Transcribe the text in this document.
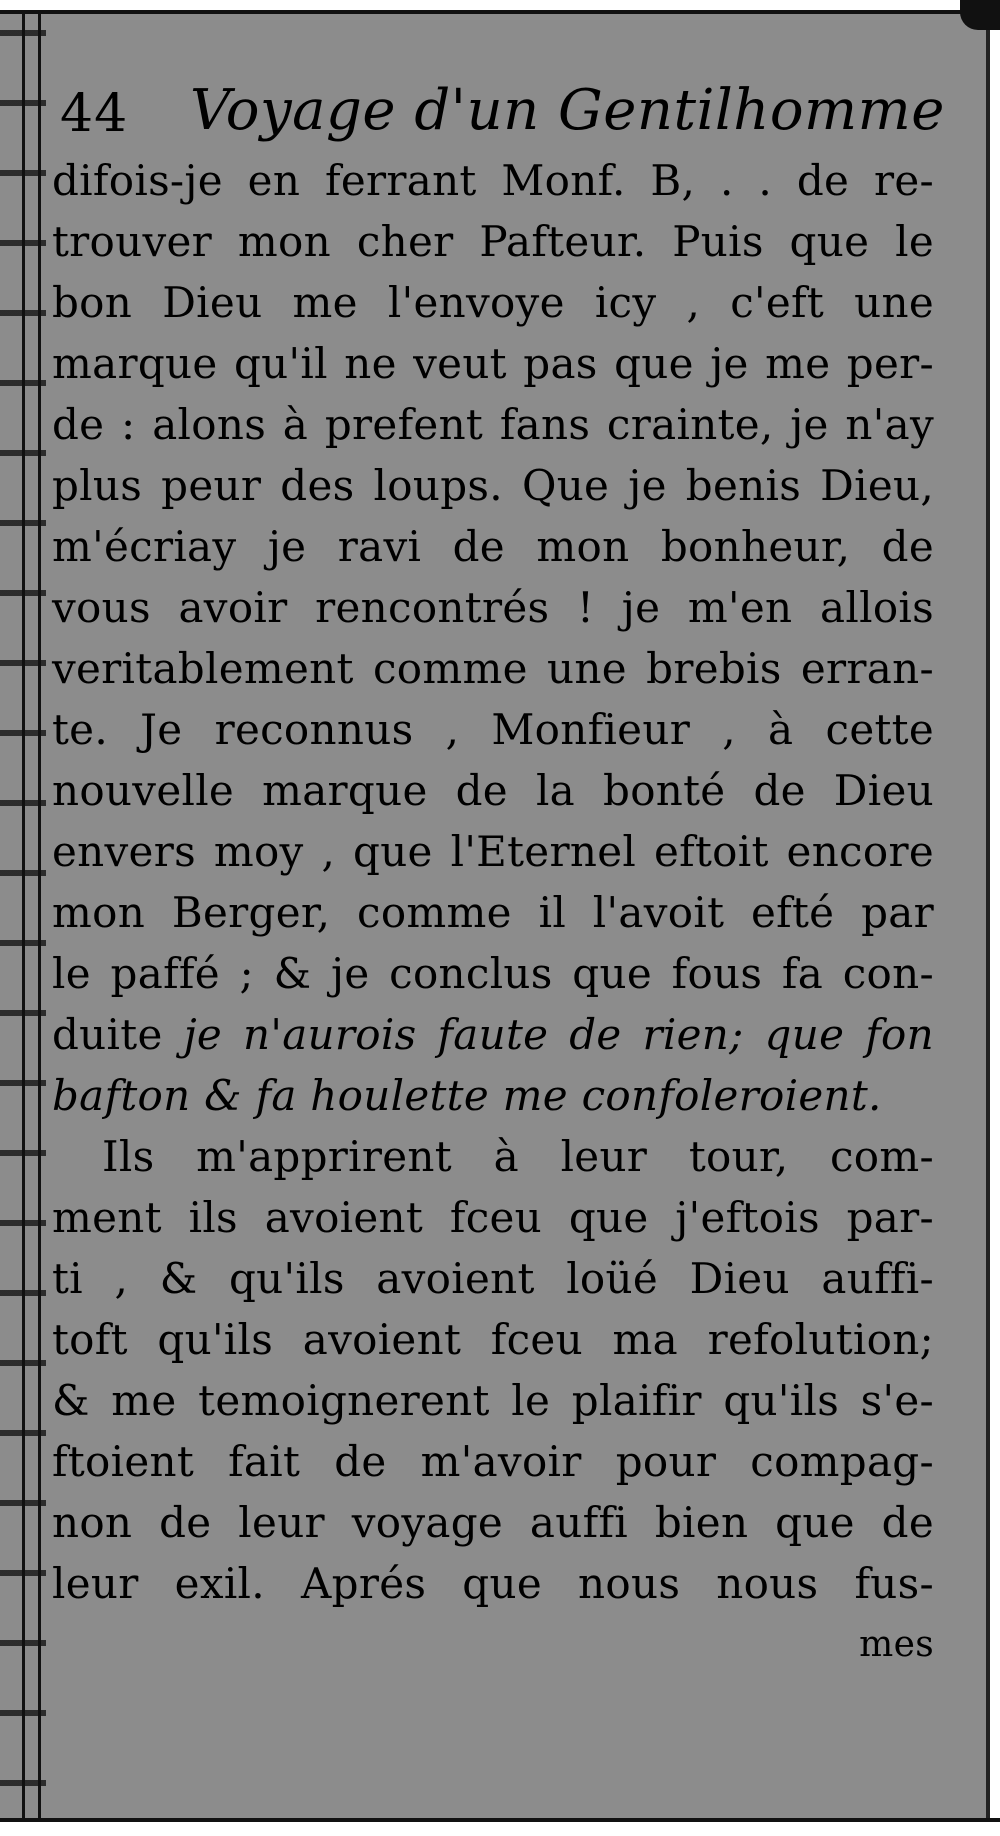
44 Voyage d'un Gentilhomme
difois-je en ferrant Monf. B, . . de re-
trouver mon cher Pafteur. Puis que le
bon Dieu me l'envoye icy , c'eft une
marque qu'il ne veut pas que je me per-
de : alons à prefent fans crainte, je n'ay
plus peur des loups. Que je benis Dieu,
m'écriay je ravi de mon bonheur, de
vous avoir rencontrés ! je m'en allois
veritablement comme une brebis erran-
te. Je reconnus , Monfieur , à cette
nouvelle marque de la bonté de Dieu
envers moy , que l'Eternel eftoit encore
mon Berger, comme il l'avoit efté par
le paffé ; & je conclus que fous fa con-
duite je n'aurois faute de rien; que fon
bafton & fa houlette me confoleroient.
Ils m'apprirent à leur tour, com-
ment ils avoient fceu que j'eftois par-
ti , & qu'ils avoient loüé Dieu auffi-
toft qu'ils avoient fceu ma refolution;
& me temoignerent le plaifir qu'ils s'e-
ftoient fait de m'avoir pour compag-
non de leur voyage auffi bien que de
leur exil. Aprés que nous nous fus-
mes
